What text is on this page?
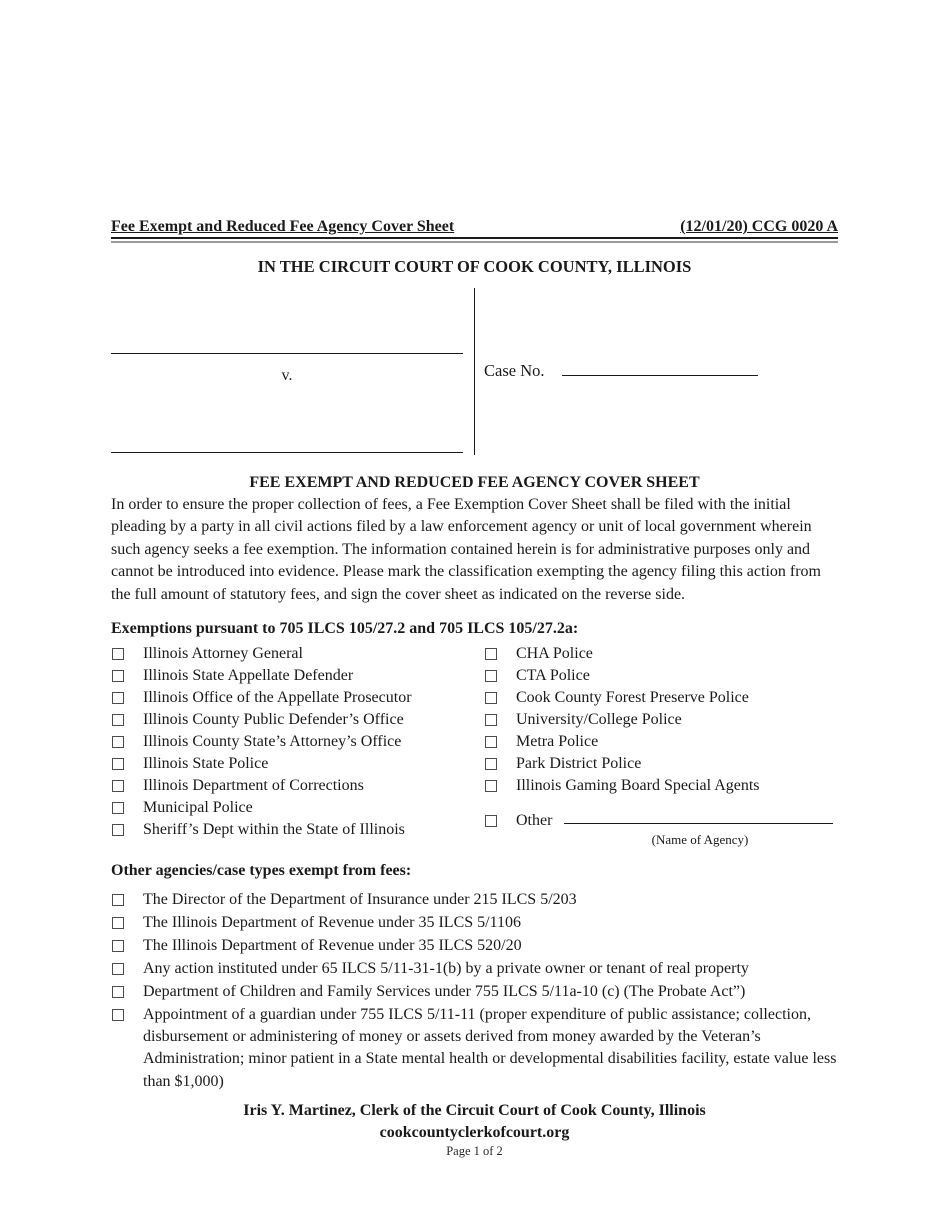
Fee Exempt and Reduced Fee Agency Cover Sheet	(12/01/20) CCG 0020 A
IN THE CIRCUIT COURT OF COOK COUNTY, ILLINOIS
v.	Case No.
FEE EXEMPT AND REDUCED FEE AGENCY COVER SHEET

In order to ensure the proper collection of fees, a Fee Exemption Cover Sheet shall be filed with the initial pleading by a party in all civil actions filed by a law enforcement agency or unit of local government wherein such agency seeks a fee exemption. The information contained herein is for administrative purposes only and cannot be introduced into evidence. Please mark the classification exempting the agency filing this action from the full amount of statutory fees, and sign the cover sheet as indicated on the reverse side.

Exemptions pursuant to 705 ILCS 105/27.2 and 705 ILCS 105/27.2a:
Illinois Attorney General
Illinois State Appellate Defender
Illinois Office of the Appellate Prosecutor
Illinois County Public Defender’s Office
Illinois County State’s Attorney’s Office
Illinois State Police
Illinois Department of Corrections
Municipal Police
Sheriff’s Dept within the State of Illinois
CHA Police
CTA Police
Cook County Forest Preserve Police
University/College Police
Metra Police
Park District Police
Illinois Gaming Board Special Agents
Other
(Name of Agency)
Other agencies/case types exempt from fees:
The Director of the Department of Insurance under 215 ILCS 5/203
The Illinois Department of Revenue under 35 ILCS 5/1106
The Illinois Department of Revenue under 35 ILCS 520/20
Any action instituted under 65 ILCS 5/11-31-1(b) by a private owner or tenant of real property
Department of Children and Family Services under 755 ILCS 5/11a-10 (c) (The Probate Act”)
Appointment of a guardian under 755 ILCS 5/11-11 (proper expenditure of public assistance; collection, disbursement or administering of money or assets derived from money awarded by the Veteran’s Administration; minor patient in a State mental health or developmental disabilities facility, estate value less than $1,000)
Iris Y. Martinez, Clerk of the Circuit Court of Cook County, Illinois
cookcountyclerkofcourt.org
Page 1 of 2
